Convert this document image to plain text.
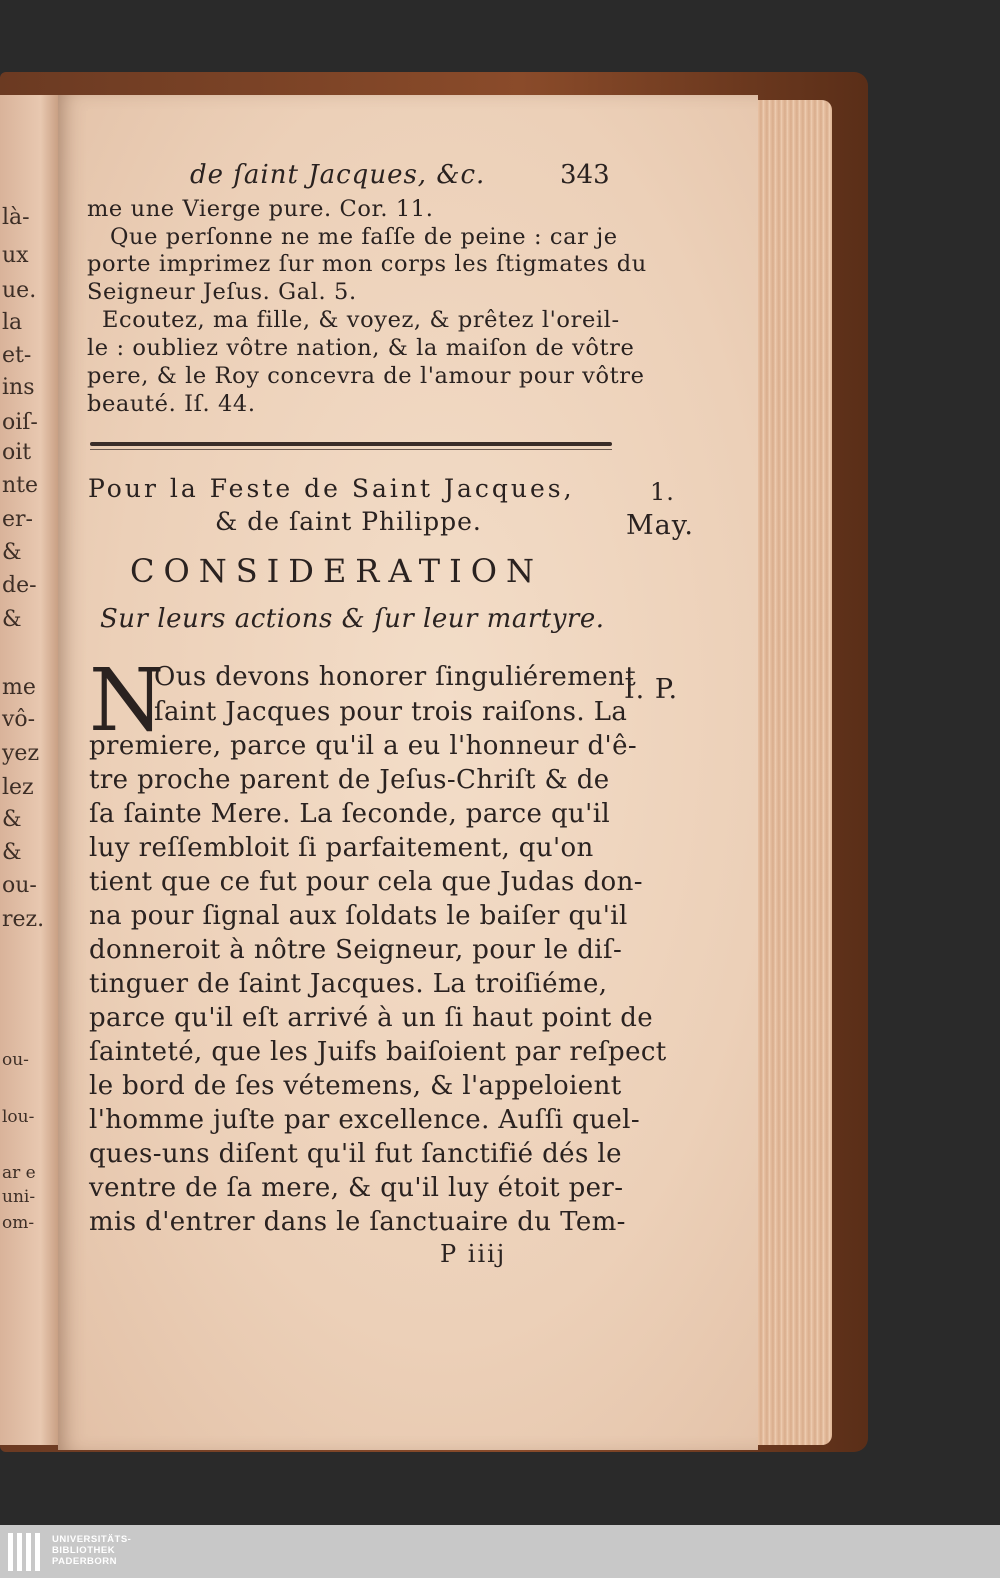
là-
ux
ue.
la
et-
ins
oiſ-
oit
nte
er-
&
de-
&
me
vô-
yez
lez
&
&
ou-
rez.
ou-
lou-
ar e
uni-
om-
de ſaint Jacques, &c.	343
me une Vierge pure. Cor. 11.
Que perſonne ne me faſſe de peine : car je
porte imprimez ſur mon corps les ſtigmates du
Seigneur Jeſus. Gal. 5.
Ecoutez, ma fille, & voyez, & prêtez l'oreil-
le : oubliez vôtre nation, & la maiſon de vôtre
pere, & le Roy concevra de l'amour pour vôtre
beauté. Iſ. 44.
Pour la Feste de Saint Jacques,
& de ſaint Philippe.
1.
May.
CONSIDERATION
Sur leurs actions & ſur leur martyre.
N	I. P.
Ous devons honorer ſinguliérement
ſaint Jacques pour trois raiſons. La
premiere, parce qu'il a eu l'honneur d'ê-
tre proche parent de Jeſus-Chriſt & de
ſa ſainte Mere. La ſeconde, parce qu'il
luy reſſembloit ſi parfaitement, qu'on
tient que ce fut pour cela que Judas don-
na pour ſignal aux ſoldats le baiſer qu'il
donneroit à nôtre Seigneur, pour le diſ-
tinguer de ſaint Jacques. La troiſiéme,
parce qu'il eſt arrivé à un ſi haut point de
ſainteté, que les Juifs baiſoient par reſpect
le bord de ſes vétemens, & l'appeloient
l'homme juſte par excellence. Auſſi quel-
ques-uns diſent qu'il fut ſanctifié dés le
ventre de ſa mere, & qu'il luy étoit per-
mis d'entrer dans le ſanctuaire du Tem-
P iiij
UNIVERSITÄTS-
BIBLIOTHEK
PADERBORN
